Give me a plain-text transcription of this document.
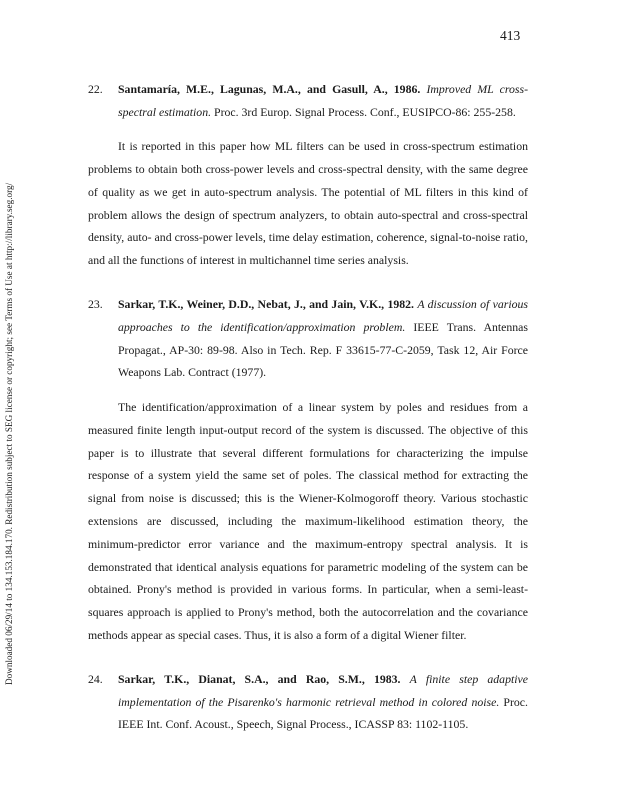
413
Downloaded 06/29/14 to 134.153.184.170. Redistribution subject to SEG license or copyright; see Terms of Use at http://library.seg.org/

22. Santamaría, M.E., Lagunas, M.A., and Gasull, A., 1986. Improved ML cross-spectral estimation. Proc. 3rd Europ. Signal Process. Conf., EUSIPCO-86: 255-258.

It is reported in this paper how ML filters can be used in cross-spectrum estimation problems to obtain both cross-power levels and cross-spectral density, with the same degree of quality as we get in auto-spectrum analysis. The potential of ML filters in this kind of problem allows the design of spectrum analyzers, to obtain auto-spectral and cross-spectral density, auto- and cross-power levels, time delay estimation, coherence, signal-to-noise ratio, and all the functions of interest in multichannel time series analysis.

23. Sarkar, T.K., Weiner, D.D., Nebat, J., and Jain, V.K., 1982. A discussion of various approaches to the identification/approximation problem. IEEE Trans. Antennas Propagat., AP-30: 89-98. Also in Tech. Rep. F 33615-77-C-2059, Task 12, Air Force Weapons Lab. Contract (1977).

The identification/approximation of a linear system by poles and residues from a measured finite length input-output record of the system is discussed. The objective of this paper is to illustrate that several different formulations for characterizing the impulse response of a system yield the same set of poles. The classical method for extracting the signal from noise is discussed; this is the Wiener-Kolmogoroff theory. Various stochastic extensions are discussed, including the maximum-likelihood estimation theory, the minimum-predictor error variance and the maximum-entropy spectral analysis. It is demonstrated that identical analysis equations for parametric modeling of the system can be obtained. Prony's method is provided in various forms. In particular, when a semi-least-squares approach is applied to Prony's method, both the autocorrelation and the covariance methods appear as special cases. Thus, it is also a form of a digital Wiener filter.

24. Sarkar, T.K., Dianat, S.A., and Rao, S.M., 1983. A finite step adaptive implementation of the Pisarenko's harmonic retrieval method in colored noise. Proc. IEEE Int. Conf. Acoust., Speech, Signal Process., ICASSP 83: 1102-1105.
